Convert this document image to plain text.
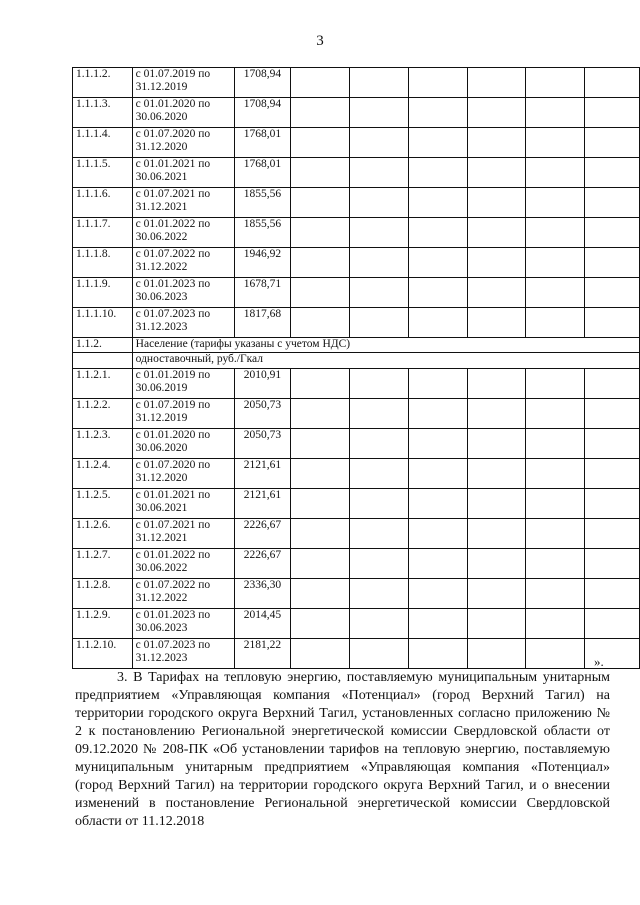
3
1.1.1.2.	с 01.07.2019 по 31.12.2019	1708,94						
1.1.1.3.	с 01.01.2020 по 30.06.2020	1708,94						
1.1.1.4.	с 01.07.2020 по 31.12.2020	1768,01						
1.1.1.5.	с 01.01.2021 по 30.06.2021	1768,01						
1.1.1.6.	с 01.07.2021 по 31.12.2021	1855,56						
1.1.1.7.	с 01.01.2022 по 30.06.2022	1855,56						
1.1.1.8.	с 01.07.2022 по 31.12.2022	1946,92						
1.1.1.9.	с 01.01.2023 по 30.06.2023	1678,71						
1.1.1.10.	с 01.07.2023 по 31.12.2023	1817,68						
1.1.2.	Население (тарифы указаны с учетом НДС)							
	одноставочный, руб./Гкал							
1.1.2.1.	с 01.01.2019 по 30.06.2019	2010,91						
1.1.2.2.	с 01.07.2019 по 31.12.2019	2050,73						
1.1.2.3.	с 01.01.2020 по 30.06.2020	2050,73						
1.1.2.4.	с 01.07.2020 по 31.12.2020	2121,61						
1.1.2.5.	с 01.01.2021 по 30.06.2021	2121,61						
1.1.2.6.	с 01.07.2021 по 31.12.2021	2226,67						
1.1.2.7.	с 01.01.2022 по 30.06.2022	2226,67						
1.1.2.8.	с 01.07.2022 по 31.12.2022	2336,30						
1.1.2.9.	с 01.01.2023 по 30.06.2023	2014,45						
1.1.2.10.	с 01.07.2023 по 31.12.2023	2181,22						
».

3. В Тарифах на тепловую энергию, поставляемую муниципальным унитарным предприятием «Управляющая компания «Потенциал» (город Верхний Тагил) на территории городского округа Верхний Тагил, установленных согласно приложению № 2 к постановлению Региональной энергетической комиссии Свердловской области от 09.12.2020 № 208-ПК «Об установлении тарифов на тепловую энергию, поставляемую муниципальным унитарным предприятием «Управляющая компания «Потенциал» (город Верхний Тагил) на территории городского округа Верхний Тагил, и о внесении изменений в постановление Региональной энергетической комиссии Свердловской области от 11.12.2018
